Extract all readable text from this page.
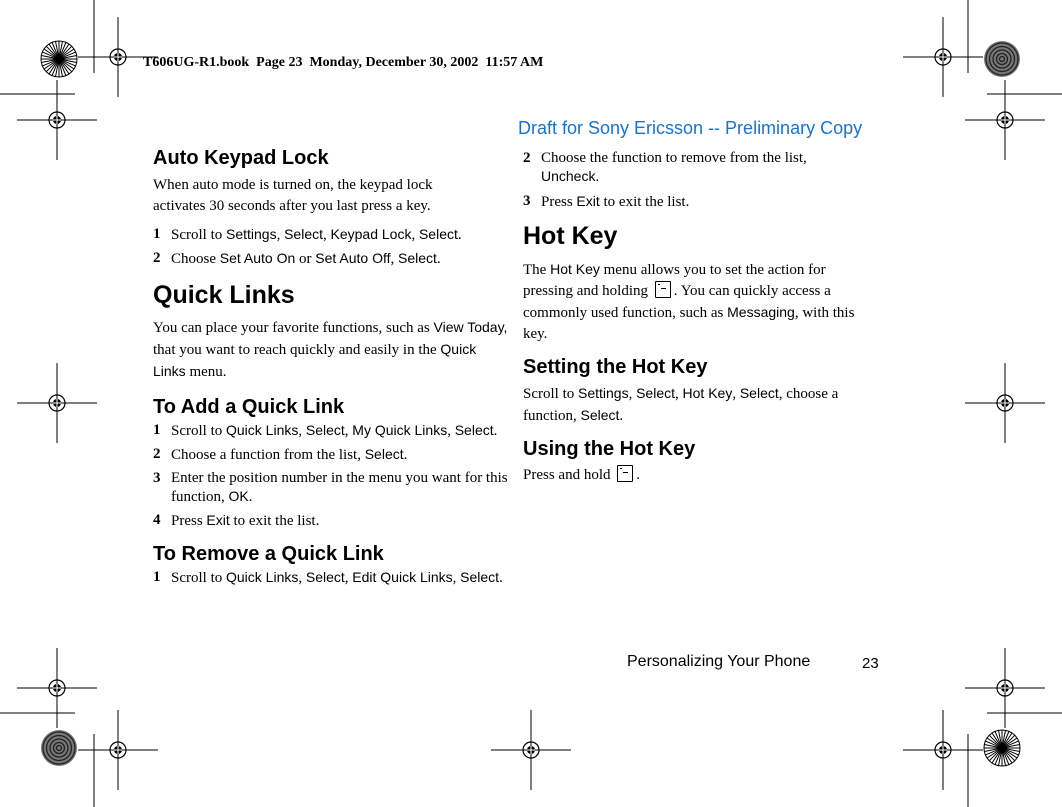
T606UG-R1.book  Page 23  Monday, December 30, 2002  11:57 AM
Draft for Sony Ericsson -- Preliminary Copy
Auto Keypad Lock

When auto mode is turned on, the keypad lock activates 30 seconds after you last press a key.

1 Scroll to Settings, Select, Keypad Lock, Select.

2 Choose Set Auto On or Set Auto Off, Select.

Quick Links

You can place your favorite functions, such as View Today, that you want to reach quickly and easily in the Quick Links menu.

To Add a Quick Link

1 Scroll to Quick Links, Select, My Quick Links, Select.

2 Choose a function from the list, Select.

3 Enter the position number in the menu you want for this function, OK.

4 Press Exit to exit the list.

To Remove a Quick Link

1 Scroll to Quick Links, Select, Edit Quick Links, Select.

2 Choose the function to remove from the list, Uncheck.

3 Press Exit to exit the list.

Hot Key

The Hot Key menu allows you to set the action for pressing and holding . You can quickly access a commonly used function, such as Messaging, with this key.

Setting the Hot Key

Scroll to Settings, Select, Hot Key, Select, choose a function, Select.

Using the Hot Key

Press and hold .

Personalizing Your Phone	23
